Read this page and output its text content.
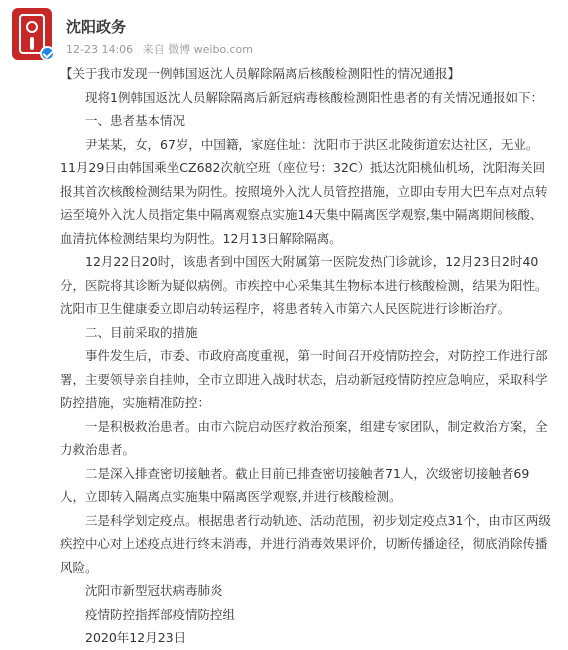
沈阳政务
12-23 14:06 来自 微博 weibo.com

【关于我市发现一例韩国返沈人员解除隔离后核酸检测阳性的情况通报】

现将1例韩国返沈人员解除隔离后新冠病毒核酸检测阳性患者的有关情况通报如下：

一、患者基本情况

尹某某，女，67岁，中国籍，家庭住址：沈阳市于洪区北陵街道宏达社区，无业。11月29日由韩国乘坐CZ682次航空班（座位号：32C）抵达沈阳桃仙机场，沈阳海关回报其首次核酸检测结果为阴性。按照境外入沈人员管控措施，立即由专用大巴车点对点转运至境外入沈人员指定集中隔离观察点实施14天集中隔离医学观察,集中隔离期间核酸、血清抗体检测结果均为阴性。12月13日解除隔离。

12月22日20时，该患者到中国医大附属第一医院发热门诊就诊，12月23日2时40分，医院将其诊断为疑似病例。市疾控中心采集其生物标本进行核酸检测，结果为阳性。沈阳市卫生健康委立即启动转运程序，将患者转入市第六人民医院进行诊断治疗。

二、目前采取的措施

事件发生后，市委、市政府高度重视，第一时间召开疫情防控会，对防控工作进行部署，主要领导亲自挂帅，全市立即进入战时状态，启动新冠疫情防控应急响应，采取科学防控措施，实施精准防控：

一是积极救治患者。由市六院启动医疗救治预案，组建专家团队，制定救治方案，全力救治患者。

二是深入排查密切接触者。截止目前已排查密切接触者71人，次级密切接触者69人，立即转入隔离点实施集中隔离医学观察,并进行核酸检测。

三是科学划定疫点。根据患者行动轨迹、活动范围，初步划定疫点31个，由市区两级疾控中心对上述疫点进行终末消毒，并进行消毒效果评价，切断传播途径，彻底消除传播风险。

沈阳市新型冠状病毒肺炎

疫情防控指挥部疫情防控组

2020年12月23日
